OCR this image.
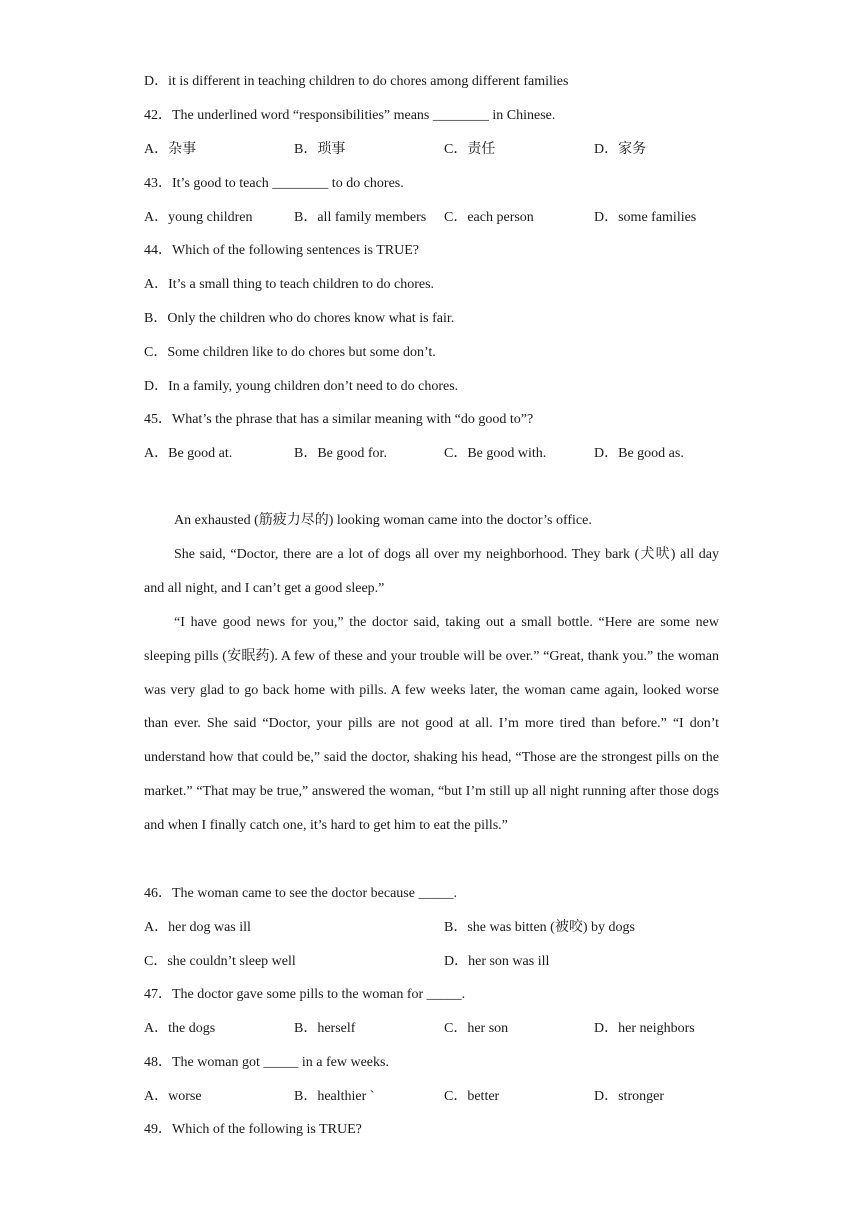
D．it is different in teaching children to do chores among different families
42．The underlined word “responsibilities” means ________ in Chinese.
A．杂事	B．琐事	C．责任	D．家务
43．It’s good to teach ________ to do chores.
A．young children	B．all family members C．each person	D．some families
44．Which of the following sentences is TRUE?
A．It’s a small thing to teach children to do chores.
B．Only the children who do chores know what is fair.
C．Some children like to do chores but some don’t.
D．In a family, young children don’t need to do chores.
45．What’s the phrase that has a similar meaning with “do good to”?
A．Be good at.	B．Be good for.	C．Be good with.	D．Be good as.
An exhausted (筋疲力尽的) looking woman came into the doctor’s office.
She said, “Doctor, there are a lot of dogs all over my neighborhood. They bark (犬吠) all day and all night, and I can’t get a good sleep.”
“I have good news for you,” the doctor said, taking out a small bottle. “Here are some new sleeping pills (安眠药). A few of these and your trouble will be over.” “Great, thank you.” the woman was very glad to go back home with pills. A few weeks later, the woman came again, looked worse than ever. She said “Doctor, your pills are not good at all. I’m more tired than before.” “I don’t understand how that could be,” said the doctor, shaking his head, “Those are the strongest pills on the market.” “That may be true,” answered the woman, “but I’m still up all night running after those dogs and when I finally catch one, it’s hard to get him to eat the pills.”
46．The woman came to see the doctor because _____.
A．her dog was ill	B．she was bitten (被咬) by dogs
C．she couldn’t sleep well	D．her son was ill
47．The doctor gave some pills to the woman for _____.
A．the dogs	B．herself	C．her son	D．her neighbors
48．The woman got _____ in a few weeks.
A．worse	B．healthier `	C．better	D．stronger
49．Which of the following is TRUE?
